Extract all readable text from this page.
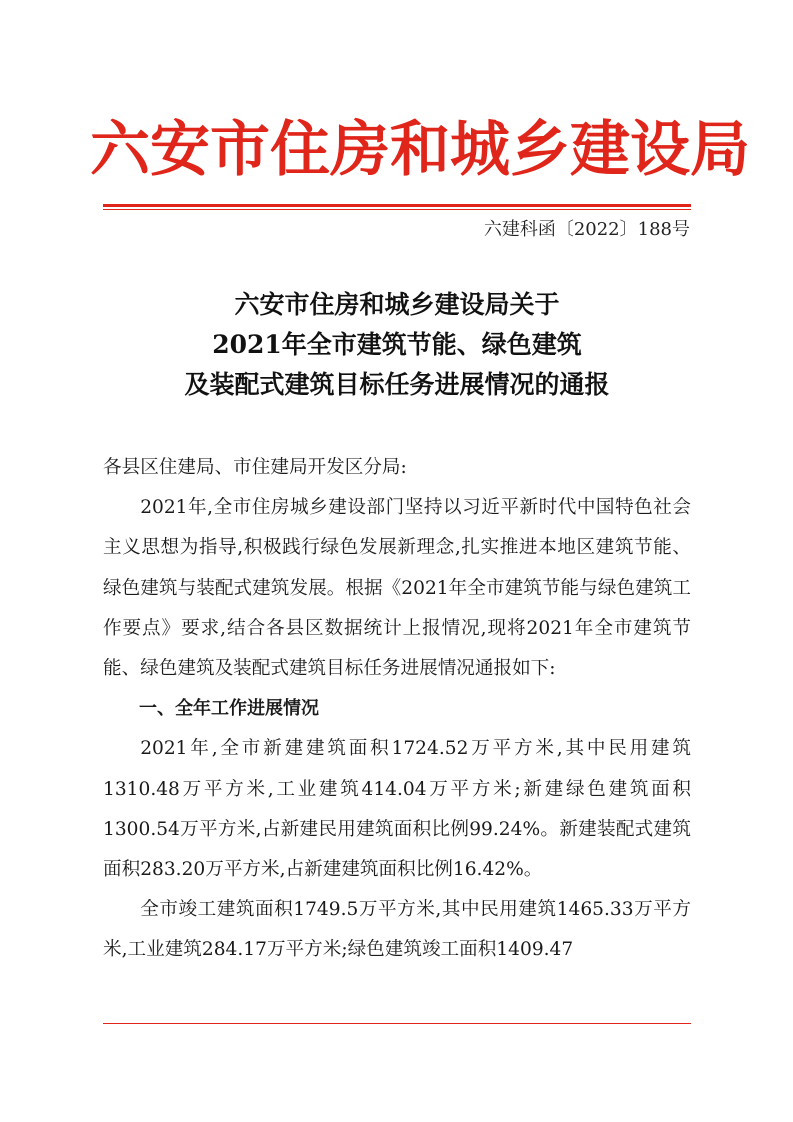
六安市住房和城乡建设局
六建科函〔2022〕188号
六安市住房和城乡建设局关于
2021年全市建筑节能、绿色建筑
及装配式建筑目标任务进展情况的通报

各县区住建局、市住建局开发区分局:

2021年,全市住房城乡建设部门坚持以习近平新时代中国特色社会主义思想为指导,积极践行绿色发展新理念,扎实推进本地区建筑节能、绿色建筑与装配式建筑发展。根据《2021年全市建筑节能与绿色建筑工作要点》要求,结合各县区数据统计上报情况,现将2021年全市建筑节能、绿色建筑及装配式建筑目标任务进展情况通报如下:

一、全年工作进展情况

2021年,全市新建建筑面积1724.52万平方米,其中民用建筑1310.48万平方米,工业建筑414.04万平方米;新建绿色建筑面积1300.54万平方米,占新建民用建筑面积比例99.24%。新建装配式建筑面积283.20万平方米,占新建建筑面积比例16.42%。

全市竣工建筑面积1749.5万平方米,其中民用建筑1465.33万平方米,工业建筑284.17万平方米;绿色建筑竣工面积1409.47
